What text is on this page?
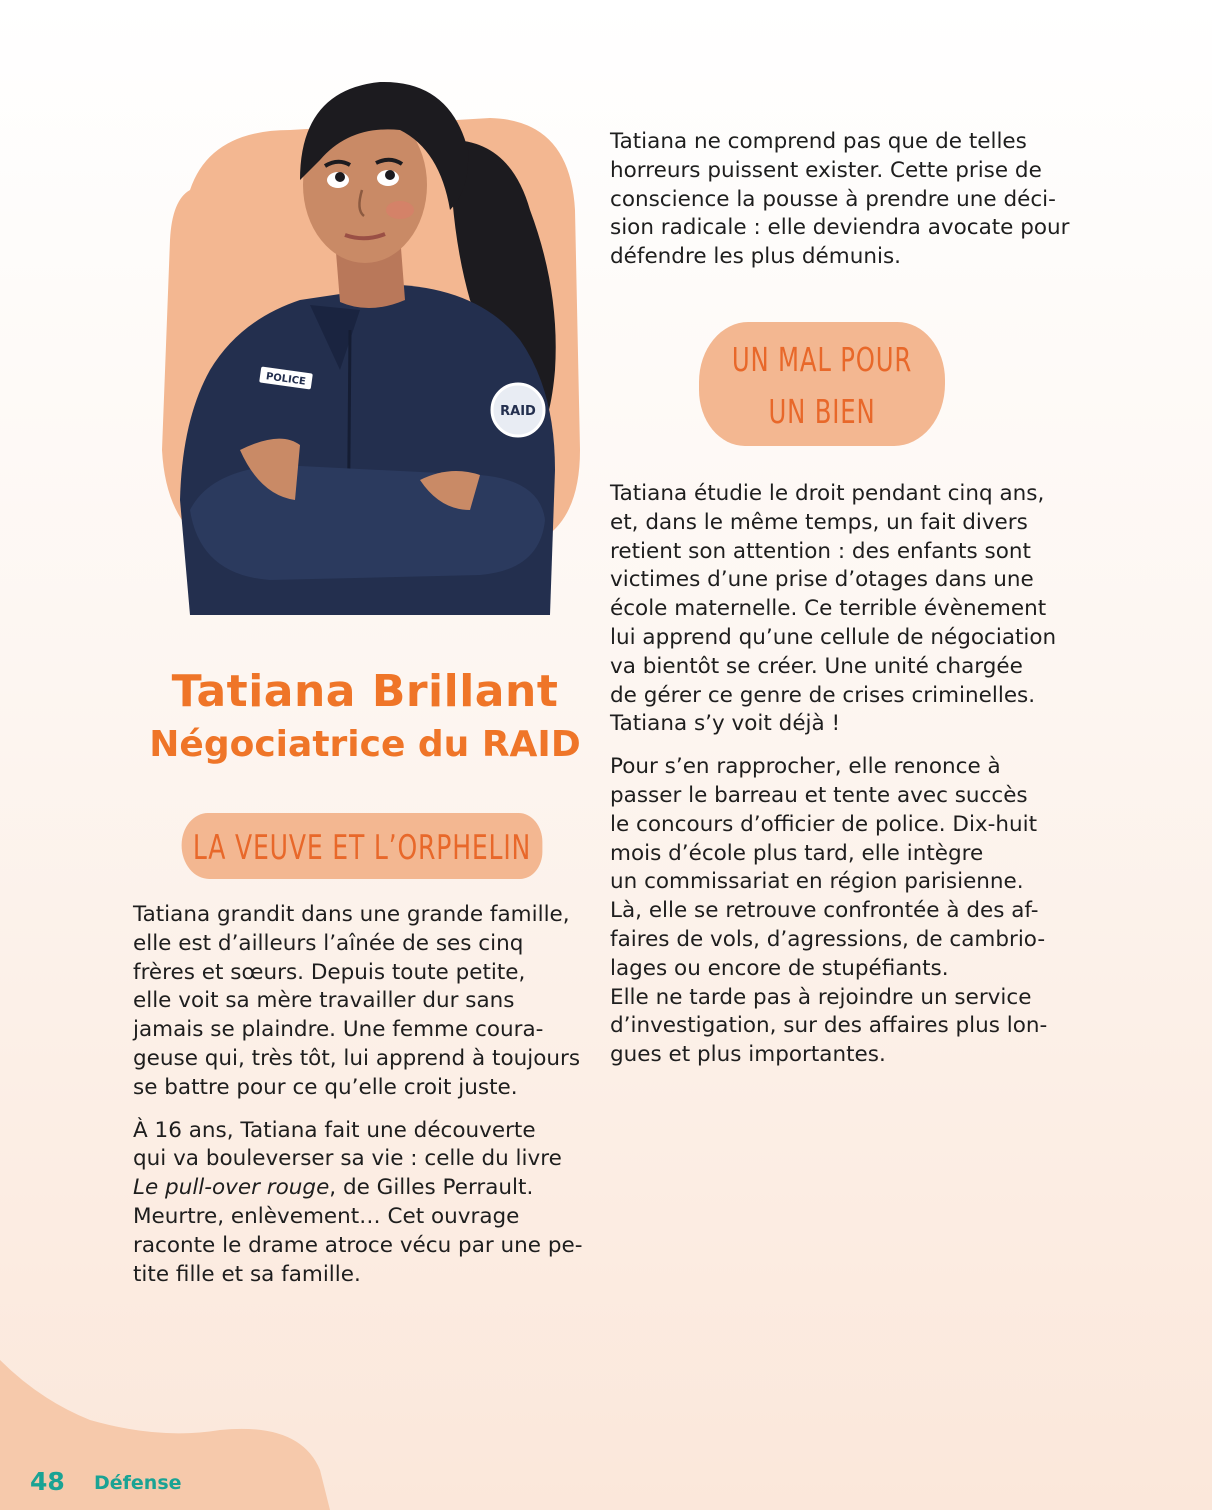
POLICE
RAID
Tatiana Brillant
Négociatrice du RAID
LA VEUVE ET L’ORPHELIN

Tatiana grandit dans une grande famille,
elle est d’ailleurs l’aînée de ses cinq
frères et sœurs. Depuis toute petite,
elle voit sa mère travailler dur sans
jamais se plaindre. Une femme coura-
geuse qui, très tôt, lui apprend à toujours
se battre pour ce qu’elle croit juste.

À 16 ans, Tatiana fait une découverte
qui va bouleverser sa vie : celle du livre
Le pull-over rouge, de Gilles Perrault.
Meurtre, enlèvement… Cet ouvrage
raconte le drame atroce vécu par une pe-
tite fille et sa famille.

Tatiana ne comprend pas que de telles
horreurs puissent exister. Cette prise de
conscience la pousse à prendre une déci-
sion radicale : elle deviendra avocate pour
défendre les plus démunis.

UN MAL POUR
UN BIEN

Tatiana étudie le droit pendant cinq ans,
et, dans le même temps, un fait divers
retient son attention : des enfants sont
victimes d’une prise d’otages dans une
école maternelle. Ce terrible évènement
lui apprend qu’une cellule de négociation
va bientôt se créer. Une unité chargée
de gérer ce genre de crises criminelles.
Tatiana s’y voit déjà !

Pour s’en rapprocher, elle renonce à
passer le barreau et tente avec succès
le concours d’officier de police. Dix-huit
mois d’école plus tard, elle intègre
un commissariat en région parisienne.
Là, elle se retrouve confrontée à des af-
faires de vols, d’agressions, de cambrio-
lages ou encore de stupéfiants.
Elle ne tarde pas à rejoindre un service
d’investigation, sur des affaires plus lon-
gues et plus importantes.

48 Défense
